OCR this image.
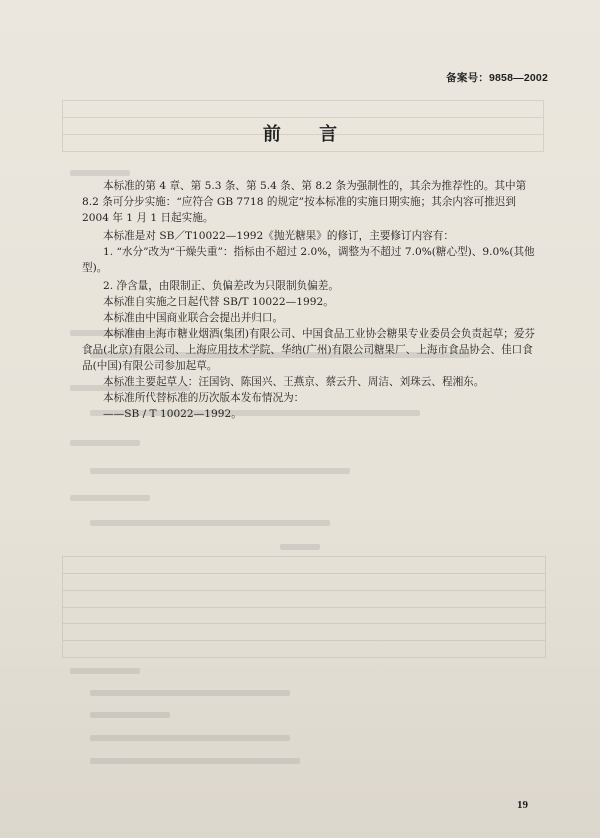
备案号：9858—2002
前 言

本标准的第 4 章、第 5.3 条、第 5.4 条、第 8.2 条为强制性的，其余为推荐性的。其中第 8.2 条可分步实施：“应符合 GB 7718 的规定”按本标准的实施日期实施；其余内容可推迟到 2004 年 1 月 1 日起实施。

本标准是对 SB／T10022—1992《抛光糖果》的修订，主要修订内容有：

1. “水分”改为“干燥失重”：指标由不超过 2.0%，调整为不超过 7.0%(糖心型)、9.0%(其他型)。

2. 净含量，由限制正、负偏差改为只限制负偏差。

本标准自实施之日起代替 SB/T 10022—1992。

本标准由中国商业联合会提出并归口。

本标准由上海市糖业烟酒(集团)有限公司、中国食品工业协会糖果专业委员会负责起草；爱芬食品(北京)有限公司、上海应用技术学院、华纳(广州)有限公司糖果厂、上海市食品协会、佳口食品(中国)有限公司参加起草。

本标准主要起草人：汪国钧、陈国兴、王燕京、蔡云升、周洁、刘珠云、程湘东。

本标准所代替标准的历次版本发布情况为：

——SB / T 10022—1992。

19
